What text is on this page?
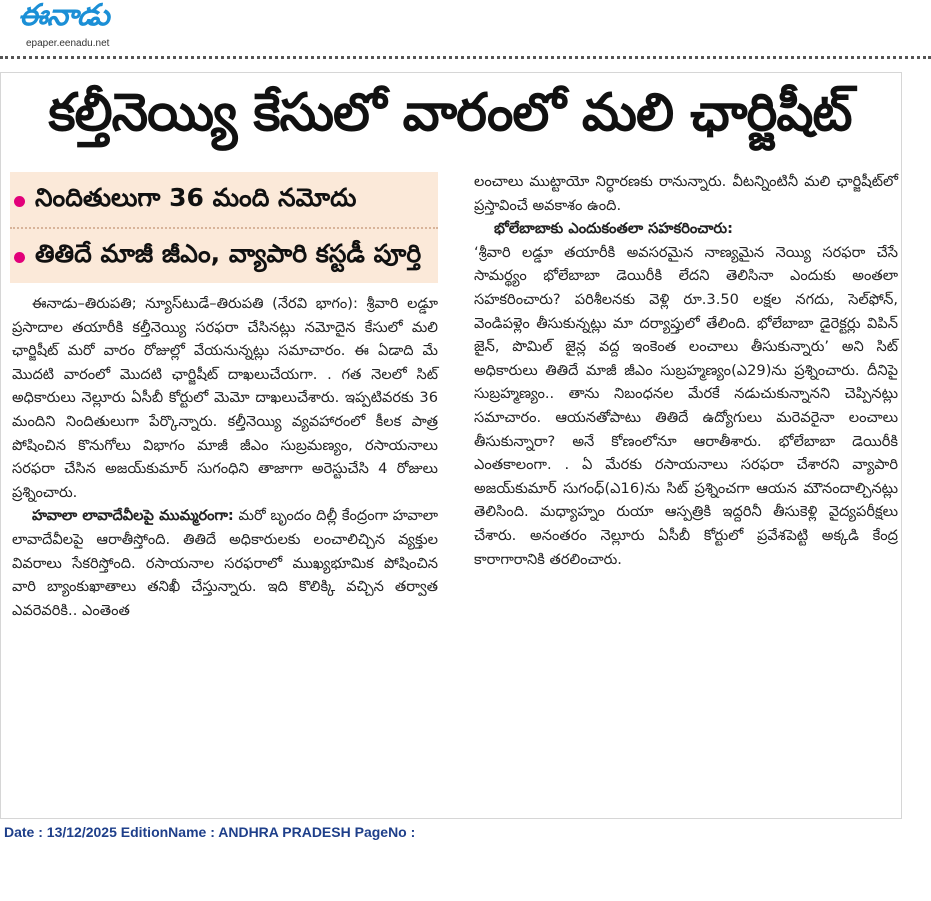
ఈనాడు
epaper.eenadu.net
కల్తీనెయ్యి కేసులో వారంలో మలి ఛార్జిషీట్
నిందితులుగా 36 మంది నమోదు
తితిదే మాజీ జీఎం, వ్యాపారి కస్టడీ పూర్తి

ఈనాడు–తిరుపతి; న్యూస్‌టుడే–తిరుపతి (నేరవి భాగం): శ్రీవారి లడ్డూ ప్రసాదాల తయారీకి కల్తీనెయ్యి సరఫరా చేసినట్లు నమోదైన కేసులో మలి ఛార్జిషీట్ మరో వారం రోజుల్లో వేయనున్నట్లు సమాచారం. ఈ ఏడాది మే మొదటి వారంలో మొదటి ఛార్జిషీట్ దాఖలుచేయగా. . గత నెలలో సిట్ అధికారులు నెల్లూరు ఏసీబీ కోర్టులో మెమో దాఖలుచేశారు. ఇప్పటివరకు 36 మందిని నిందితులుగా పేర్కొన్నారు. కల్తీనెయ్యి వ్యవహారంలో కీలక పాత్ర పోషించిన కొనుగోలు విభాగం మాజీ జీఎం సుబ్రమణ్యం, రసాయనాలు సరఫరా చేసిన అజయ్‌కుమార్ సుగంధిని తాజాగా అరెస్టుచేసి 4 రోజులు ప్రశ్నించారు.

హవాలా లావాదేవీలపై ముమ్మరంగా: మరో బృందం దిల్లీ కేంద్రంగా హవాలా లావాదేవీలపై ఆరాతీస్తోంది. తితిదే అధికారులకు లంచాలిచ్చిన వ్యక్తుల వివరాలు సేకరిస్తోంది. రసాయనాల సరఫరాలో ముఖ్యభూమిక పోషించిన వారి బ్యాంకుఖాతాలు తనిఖీ చేస్తున్నారు. ఇది కొలిక్కి వచ్చిన తర్వాత ఎవరెవరికి.. ఎంతెంత

లంచాలు ముట్టాయో నిర్ధారణకు రానున్నారు. వీటన్నింటినీ మలి ఛార్జిషీట్‌లో ప్రస్తావించే అవకాశం ఉంది.

భోలేబాబాకు ఎందుకంతలా సహకరించారు:

‘శ్రీవారి లడ్డూ తయారీకి అవసరమైన నాణ్యమైన నెయ్యి సరఫరా చేసే సామర్థ్యం భోలేబాబా డెయిరీకి లేదని తెలిసినా ఎందుకు అంతలా సహకరించారు? పరిశీలనకు వెళ్లి రూ.3.50 లక్షల నగదు, సెల్‌ఫోన్, వెండిపళ్లెం తీసుకున్నట్లు మా దర్యాప్తులో తేలింది. భోలేబాబా డైరెక్టర్లు విపిన్ జైన్, పొమిల్ జైన్ల వద్ద ఇంకెంత లంచాలు తీసుకున్నారు’ అని సిట్ అధికారులు తితిదే మాజీ జీఎం సుబ్రహ్మణ్యం(ఎ29)ను ప్రశ్నించారు. దీనిపై సుబ్రహ్మణ్యం.. తాను నిబంధనల మేరకే నడుచుకున్నానని చెప్పినట్లు సమాచారం. ఆయనతోపాటు తితిదే ఉద్యోగులు మరెవరైనా లంచాలు తీసుకున్నారా? అనే కోణంలోనూ ఆరాతీశారు. భోలేబాబా డెయిరీకి ఎంతకాలంగా. . ఏ మేరకు రసాయనాలు సరఫరా చేశారని వ్యాపారి అజయ్‌కుమార్ సుగంధ్(ఎ16)ను సిట్ ప్రశ్నించగా ఆయన మౌనందాల్చినట్లు తెలిసింది. మధ్యాహ్నం రుయా ఆస్పత్రికి ఇద్దరినీ తీసుకెళ్లి వైద్యపరీక్షలు చేశారు. అనంతరం నెల్లూరు ఏసీబీ కోర్టులో ప్రవేశపెట్టి అక్కడి కేంద్ర కారాగారానికి తరలించారు.

Date : 13/12/2025 EditionName : ANDHRA PRADESH PageNo :
